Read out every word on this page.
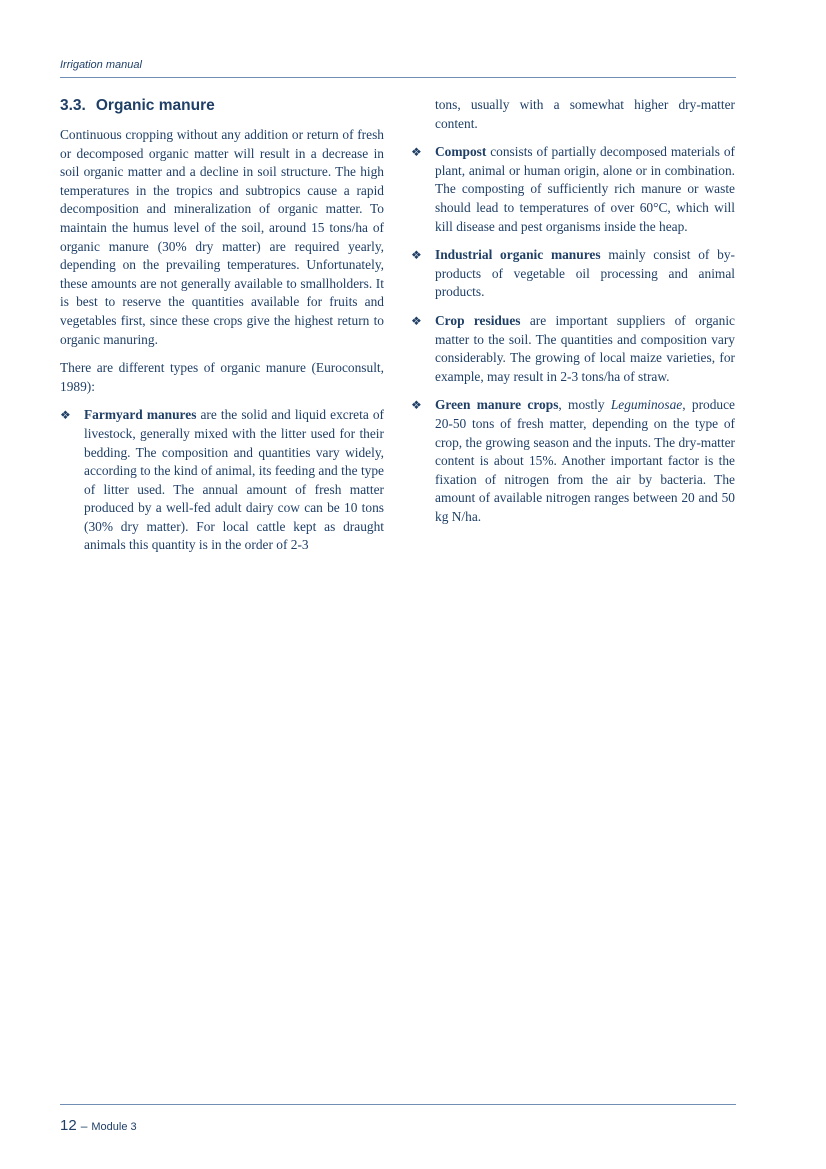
Irrigation manual
3.3. Organic manure

Continuous cropping without any addition or return of fresh or decomposed organic matter will result in a decrease in soil organic matter and a decline in soil structure. The high temperatures in the tropics and subtropics cause a rapid decomposition and mineralization of organic matter. To maintain the humus level of the soil, around 15 tons/ha of organic manure (30% dry matter) are required yearly, depending on the prevailing temperatures. Unfortunately, these amounts are not generally available to smallholders. It is best to reserve the quantities available for fruits and vegetables first, since these crops give the highest return to organic manuring.

There are different types of organic manure (Euroconsult, 1989):

❖ Farmyard manures are the solid and liquid excreta of livestock, generally mixed with the litter used for their bedding. The composition and quantities vary widely, according to the kind of animal, its feeding and the type of litter used. The annual amount of fresh matter produced by a well-fed adult dairy cow can be 10 tons (30% dry matter). For local cattle kept as draught animals this quantity is in the order of 2-3

tons, usually with a somewhat higher dry-matter content.

❖ Compost consists of partially decomposed materials of plant, animal or human origin, alone or in combination. The composting of sufficiently rich manure or waste should lead to temperatures of over 60°C, which will kill disease and pest organisms inside the heap.
❖ Industrial organic manures mainly consist of by-products of vegetable oil processing and animal products.
❖ Crop residues are important suppliers of organic matter to the soil. The quantities and composition vary considerably. The growing of local maize varieties, for example, may result in 2-3 tons/ha of straw.
❖ Green manure crops, mostly Leguminosae, produce 20-50 tons of fresh matter, depending on the type of crop, the growing season and the inputs. The dry-matter content is about 15%. Another important factor is the fixation of nitrogen from the air by bacteria. The amount of available nitrogen ranges between 20 and 50 kg N/ha.
12 – Module 3
